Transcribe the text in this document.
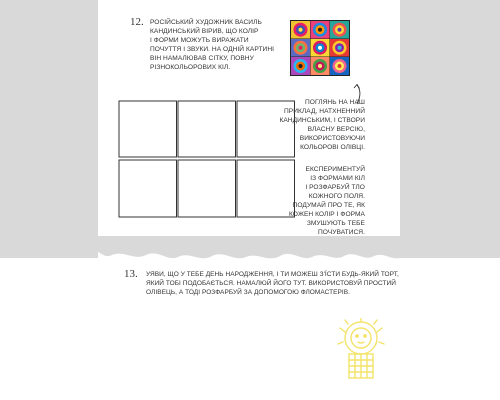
12. РОСІЙСЬКИЙ ХУДОЖНИК ВАСИЛЬ
КАНДИНСЬКИЙ ВІРИВ, ЩО КОЛІР
І ФОРМИ МОЖУТЬ ВИРАЖАТИ
ПОЧУТТЯ І ЗВУКИ. НА ОДНІЙ КАРТИНІ
ВІН НАМАЛЮВАВ СІТКУ, ПОВНУ
РІЗНОКОЛЬОРОВИХ КІЛ.
ПОГЛЯНЬ НА НАШ
ПРИКЛАД, НАТХНЕННИЙ
КАНДИНСЬКИМ, І СТВОРИ
ВЛАСНУ ВЕРСІЮ,
ВИКОРИСТОВУЮЧИ
КОЛЬОРОВІ ОЛІВЦІ.
ЕКСПЕРИМЕНТУЙ
ІЗ ФОРМАМИ КІЛ
І РОЗФАРБУЙ ТЛО
КОЖНОГО ПОЛЯ.
ПОДУМАЙ ПРО ТЕ, ЯК
КОЖЕН КОЛІР І ФОРМА
ЗМУШУЮТЬ ТЕБЕ
ПОЧУВАТИСЯ.
13. УЯВИ, ЩО У ТЕБЕ ДЕНЬ НАРОДЖЕННЯ, І ТИ МОЖЕШ З'ЇСТИ БУДЬ-ЯКИЙ ТОРТ,
ЯКИЙ ТОБІ ПОДОБАЄТЬСЯ. НАМАЛЮЙ ЙОГО ТУТ. ВИКОРИСТОВУЙ ПРОСТИЙ
ОЛІВЕЦЬ, А ТОДІ РОЗФАРБУЙ ЗА ДОПОМОГОЮ ФЛОМАСТЕРІВ.
